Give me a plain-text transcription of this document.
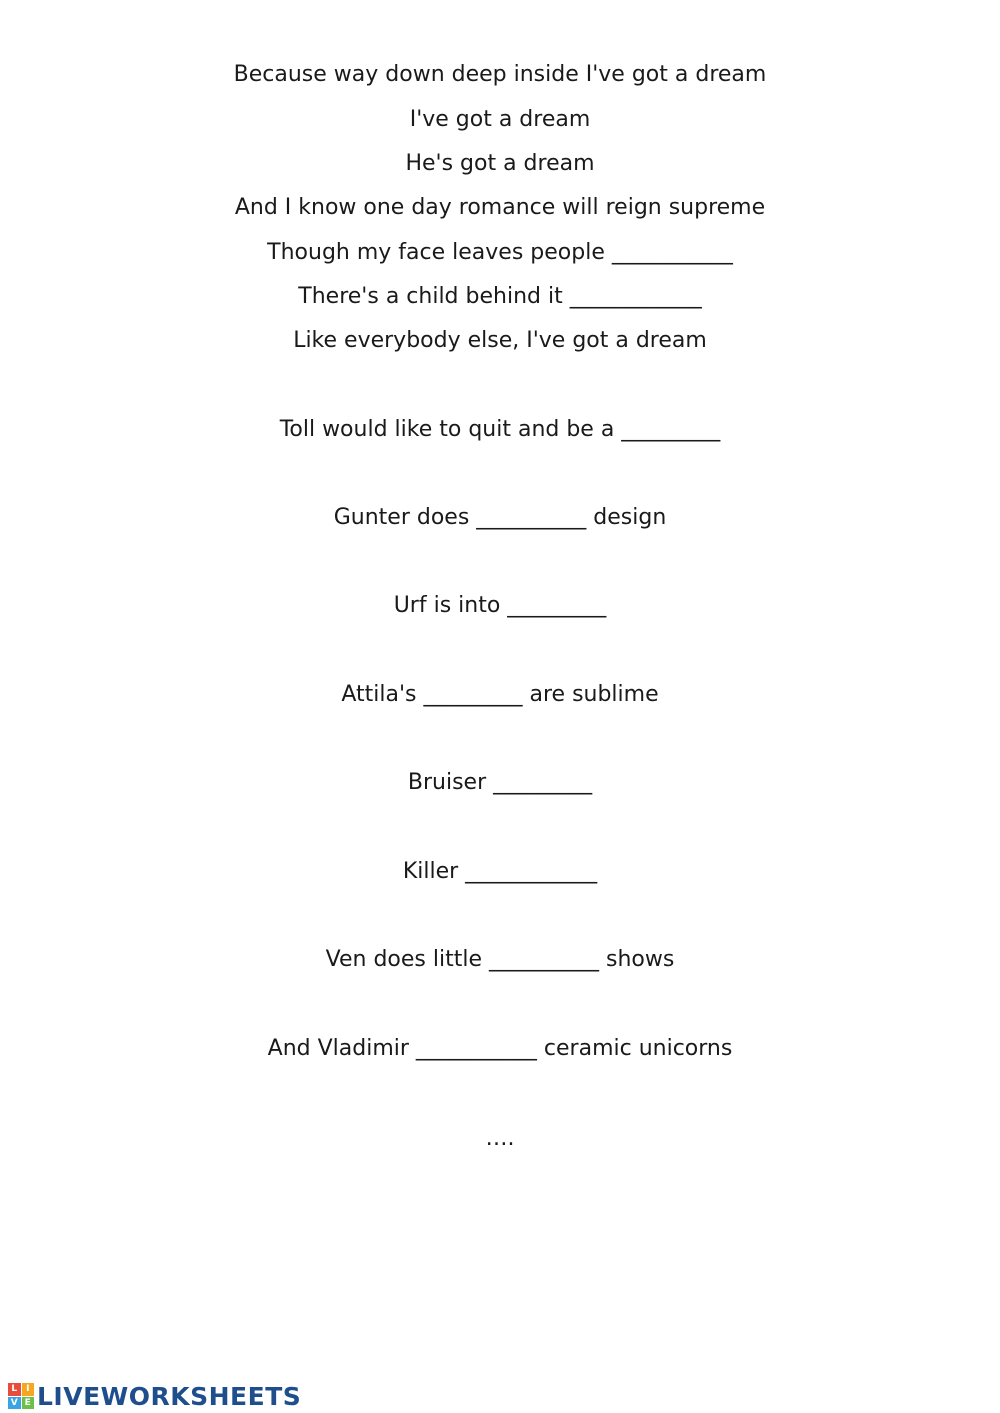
Because way down deep inside I've got a dream
I've got a dream
He's got a dream
And I know one day romance will reign supreme
Though my face leaves people ___________
There's a child behind it ____________
Like everybody else, I've got a dream
Toll would like to quit and be a _________
Gunter does __________ design
Urf is into _________
Attila's _________ are sublime
Bruiser _________
Killer ____________
Ven does little __________ shows
And Vladimir ___________ ceramic unicorns
….
L I
V E LIVEWORKSHEETS
